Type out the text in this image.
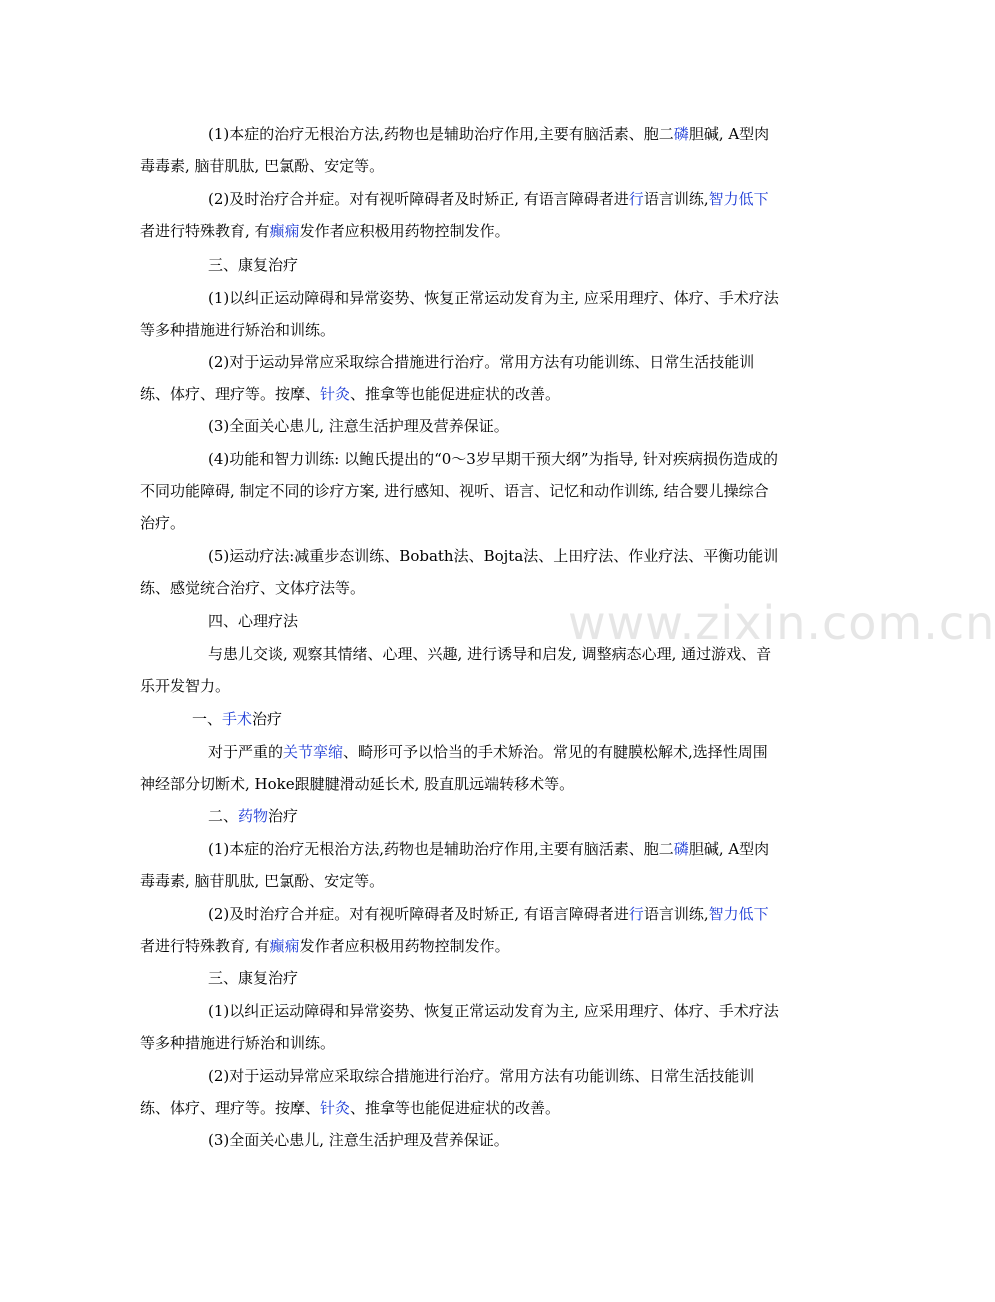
www.zixin.com.cn

(1)本症的治疗无根治方法,药物也是辅助治疗作用,主要有脑活素、胞二磷胆碱, A型肉毒毒素, 脑苷肌肽, 巴氯酚、安定等。

(2)及时治疗合并症。对有视听障碍者及时矫正, 有语言障碍者进行语言训练,智力低下者进行特殊教育, 有癫痫发作者应积极用药物控制发作。

三、康复治疗

(1)以纠正运动障碍和异常姿势、恢复正常运动发育为主, 应采用理疗、体疗、手术疗法等多种措施进行矫治和训练。

(2)对于运动异常应采取综合措施进行治疗。常用方法有功能训练、日常生活技能训练、体疗、理疗等。按摩、针灸、推拿等也能促进症状的改善。

(3)全面关心患儿, 注意生活护理及营养保证。

(4)功能和智力训练: 以鲍氏提出的“0～3岁早期干预大纲”为指导, 针对疾病损伤造成的不同功能障碍, 制定不同的诊疗方案, 进行感知、视听、语言、记忆和动作训练, 结合婴儿操综合治疗。

(5)运动疗法:减重步态训练、Bobath法、Bojta法、上田疗法、作业疗法、平衡功能训练、感觉统合治疗、文体疗法等。

四、心理疗法

与患儿交谈, 观察其情绪、心理、兴趣, 进行诱导和启发, 调整病态心理, 通过游戏、音乐开发智力。

一、手术治疗

对于严重的关节挛缩、畸形可予以恰当的手术矫治。常见的有腱膜松解术,选择性周围神经部分切断术, Hoke跟腱腱滑动延长术, 股直肌远端转移术等。

二、药物治疗

(1)本症的治疗无根治方法,药物也是辅助治疗作用,主要有脑活素、胞二磷胆碱, A型肉毒毒素, 脑苷肌肽, 巴氯酚、安定等。

(2)及时治疗合并症。对有视听障碍者及时矫正, 有语言障碍者进行语言训练,智力低下者进行特殊教育, 有癫痫发作者应积极用药物控制发作。

三、康复治疗

(1)以纠正运动障碍和异常姿势、恢复正常运动发育为主, 应采用理疗、体疗、手术疗法等多种措施进行矫治和训练。

(2)对于运动异常应采取综合措施进行治疗。常用方法有功能训练、日常生活技能训练、体疗、理疗等。按摩、针灸、推拿等也能促进症状的改善。

(3)全面关心患儿, 注意生活护理及营养保证。
